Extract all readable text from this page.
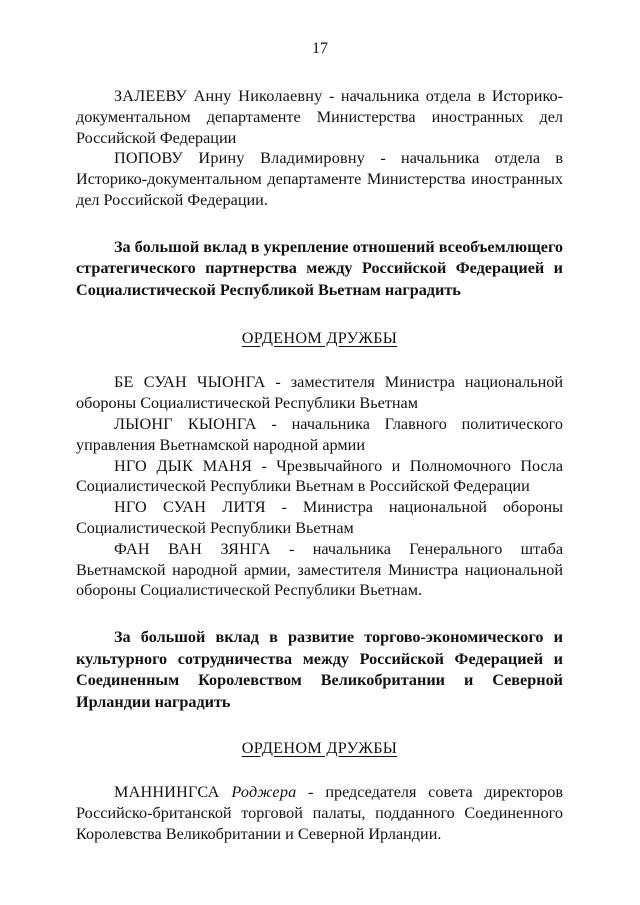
17

ЗАЛЕЕВУ Анну Николаевну - начальника отдела в Историко-документальном департаменте Министерства иностранных дел Российской Федерации

ПОПОВУ Ирину Владимировну - начальника отдела в Историко-документальном департаменте Министерства иностранных дел Российской Федерации.

За большой вклад в укрепление отношений всеобъемлющего стратегического партнерства между Российской Федерацией и Социалистической Республикой Вьетнам наградить

ОРДЕНОМ ДРУЖБЫ

БЕ СУАН ЧЫОНГА - заместителя Министра национальной обороны Социалистической Республики Вьетнам

ЛЫОНГ КЫОНГА - начальника Главного политического управления Вьетнамской народной армии

НГО ДЫК МАНЯ - Чрезвычайного и Полномочного Посла Социалистической Республики Вьетнам в Российской Федерации

НГО СУАН ЛИТЯ - Министра национальной обороны Социалистической Республики Вьетнам

ФАН ВАН ЗЯНГА - начальника Генерального штаба Вьетнамской народной армии, заместителя Министра национальной обороны Социалистической Республики Вьетнам.

За большой вклад в развитие торгово-экономического и культурного сотрудничества между Российской Федерацией и Соединенным Королевством Великобритании и Северной Ирландии наградить

ОРДЕНОМ ДРУЖБЫ

МАННИНГСА Роджера - председателя совета директоров Российско-британской торговой палаты, подданного Соединенного Королевства Великобритании и Северной Ирландии.
